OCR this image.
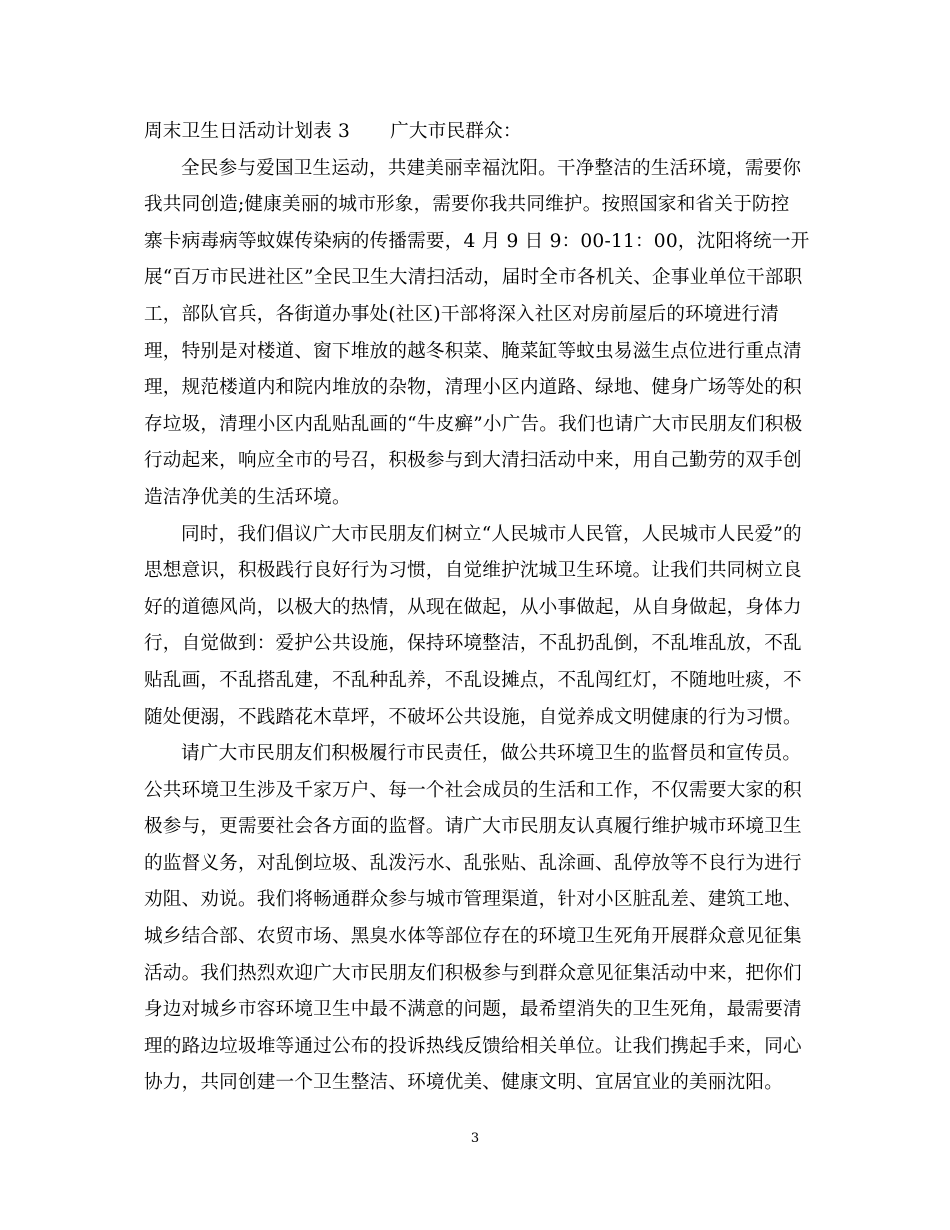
周末卫生日活动计划表 3 广大市民群众：
全民参与爱国卫生运动，共建美丽幸福沈阳。干净整洁的生活环境，需要你
我共同创造;健康美丽的城市形象，需要你我共同维护。按照国家和省关于防控
寨卡病毒病等蚊媒传染病的传播需要，4 月 9 日 9：00-11：00，沈阳将统一开
展“百万市民进社区”全民卫生大清扫活动，届时全市各机关、企事业单位干部职
工，部队官兵，各街道办事处(社区)干部将深入社区对房前屋后的环境进行清
理，特别是对楼道、窗下堆放的越冬积菜、腌菜缸等蚊虫易滋生点位进行重点清
理，规范楼道内和院内堆放的杂物，清理小区内道路、绿地、健身广场等处的积
存垃圾，清理小区内乱贴乱画的“牛皮癣”小广告。我们也请广大市民朋友们积极
行动起来，响应全市的号召，积极参与到大清扫活动中来，用自己勤劳的双手创
造洁净优美的生活环境。
同时，我们倡议广大市民朋友们树立“人民城市人民管，人民城市人民爱”的
思想意识，积极践行良好行为习惯，自觉维护沈城卫生环境。让我们共同树立良
好的道德风尚，以极大的热情，从现在做起，从小事做起，从自身做起，身体力
行，自觉做到：爱护公共设施，保持环境整洁，不乱扔乱倒，不乱堆乱放，不乱
贴乱画，不乱搭乱建，不乱种乱养，不乱设摊点，不乱闯红灯，不随地吐痰，不
随处便溺，不践踏花木草坪，不破坏公共设施，自觉养成文明健康的行为习惯。
请广大市民朋友们积极履行市民责任，做公共环境卫生的监督员和宣传员。
公共环境卫生涉及千家万户、每一个社会成员的生活和工作，不仅需要大家的积
极参与，更需要社会各方面的监督。请广大市民朋友认真履行维护城市环境卫生
的监督义务，对乱倒垃圾、乱泼污水、乱张贴、乱涂画、乱停放等不良行为进行
劝阻、劝说。我们将畅通群众参与城市管理渠道，针对小区脏乱差、建筑工地、
城乡结合部、农贸市场、黑臭水体等部位存在的环境卫生死角开展群众意见征集
活动。我们热烈欢迎广大市民朋友们积极参与到群众意见征集活动中来，把你们
身边对城乡市容环境卫生中最不满意的问题，最希望消失的卫生死角，最需要清
理的路边垃圾堆等通过公布的投诉热线反馈给相关单位。让我们携起手来，同心
协力，共同创建一个卫生整洁、环境优美、健康文明、宜居宜业的美丽沈阳。
3
